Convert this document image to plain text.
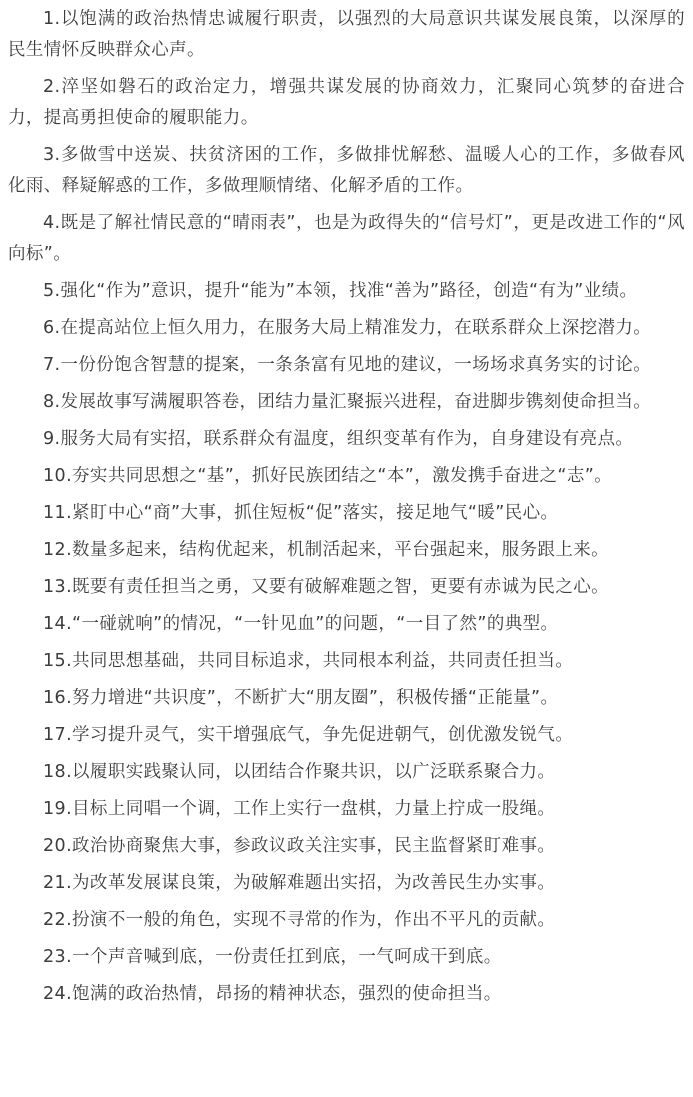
1.以饱满的政治热情忠诚履行职责，以强烈的大局意识共谋发展良策，以深厚的民生情怀反映群众心声。

2.淬坚如磐石的政治定力，增强共谋发展的协商效力，汇聚同心筑梦的奋进合力，提高勇担使命的履职能力。

3.多做雪中送炭、扶贫济困的工作，多做排忧解愁、温暖人心的工作，多做春风化雨、释疑解惑的工作，多做理顺情绪、化解矛盾的工作。

4.既是了解社情民意的“晴雨表”，也是为政得失的“信号灯”，更是改进工作的“风向标”。

5.强化“作为”意识，提升“能为”本领，找准“善为”路径，创造“有为”业绩。

6.在提高站位上恒久用力，在服务大局上精准发力，在联系群众上深挖潜力。

7.一份份饱含智慧的提案，一条条富有见地的建议，一场场求真务实的讨论。

8.发展故事写满履职答卷，团结力量汇聚振兴进程，奋进脚步镌刻使命担当。

9.服务大局有实招，联系群众有温度，组织变革有作为，自身建设有亮点。

10.夯实共同思想之“基”，抓好民族团结之“本”，激发携手奋进之“志”。

11.紧盯中心“商”大事，抓住短板“促”落实，接足地气“暖”民心。

12.数量多起来，结构优起来，机制活起来，平台强起来，服务跟上来。

13.既要有责任担当之勇，又要有破解难题之智，更要有赤诚为民之心。

14.“一碰就响”的情况，“一针见血”的问题，“一目了然”的典型。

15.共同思想基础，共同目标追求，共同根本利益，共同责任担当。

16.努力增进“共识度”，不断扩大“朋友圈”，积极传播“正能量”。

17.学习提升灵气，实干增强底气，争先促进朝气，创优激发锐气。

18.以履职实践聚认同，以团结合作聚共识，以广泛联系聚合力。

19.目标上同唱一个调，工作上实行一盘棋，力量上拧成一股绳。

20.政治协商聚焦大事，参政议政关注实事，民主监督紧盯难事。

21.为改革发展谋良策，为破解难题出实招，为改善民生办实事。

22.扮演不一般的角色，实现不寻常的作为，作出不平凡的贡献。

23.一个声音喊到底，一份责任扛到底，一气呵成干到底。

24.饱满的政治热情，昂扬的精神状态，强烈的使命担当。
